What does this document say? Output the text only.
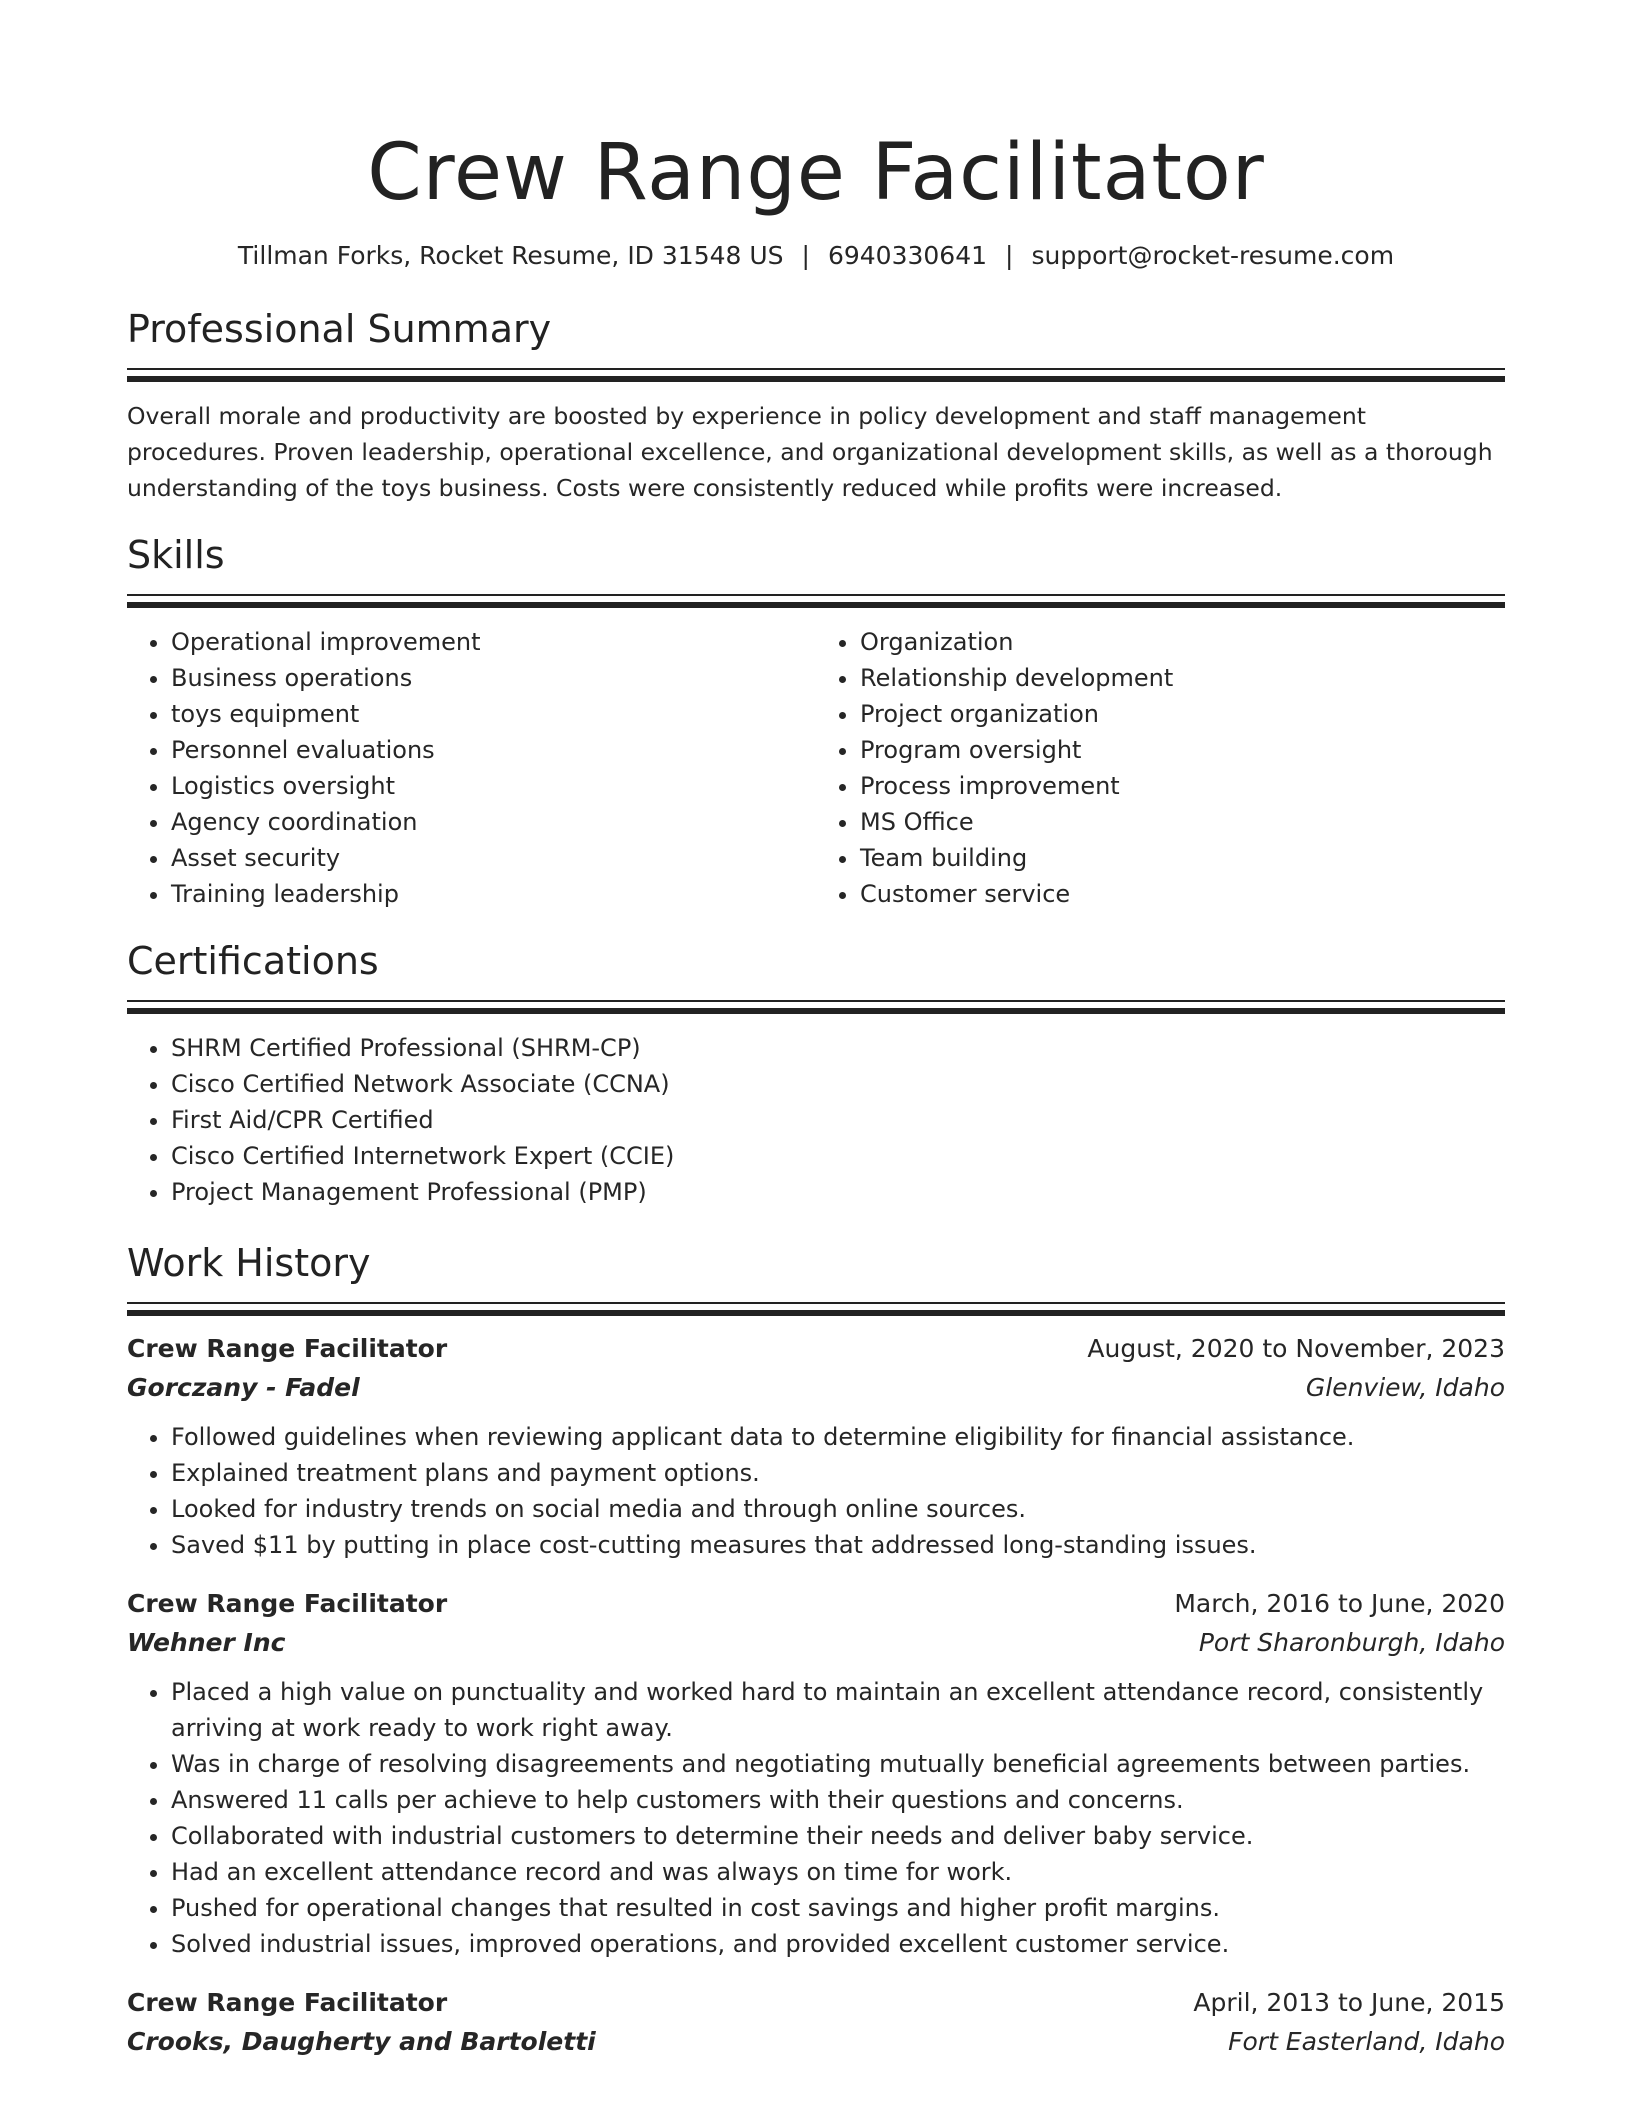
Crew Range Facilitator
Tillman Forks, Rocket Resume, ID 31548 US | 6940330641 | support@rocket-resume.com
Professional Summary

Overall morale and productivity are boosted by experience in policy development and staff management procedures. Proven leadership, operational excellence, and organizational development skills, as well as a thorough understanding of the toys business. Costs were consistently reduced while profits were increased.

Skills
• Operational improvement
• Business operations
• toys equipment
• Personnel evaluations
• Logistics oversight
• Agency coordination
• Asset security
• Training leadership
• Organization
• Relationship development
• Project organization
• Program oversight
• Process improvement
• MS Office
• Team building
• Customer service
Certifications
• SHRM Certified Professional (SHRM-CP)
• Cisco Certified Network Associate (CCNA)
• First Aid/CPR Certified
• Cisco Certified Internetwork Expert (CCIE)
• Project Management Professional (PMP)
Work History
Crew Range Facilitator	August, 2020 to November, 2023
Gorczany - Fadel	Glenview, Idaho
• Followed guidelines when reviewing applicant data to determine eligibility for financial assistance.
• Explained treatment plans and payment options.
• Looked for industry trends on social media and through online sources.
• Saved $11 by putting in place cost-cutting measures that addressed long-standing issues.
Crew Range Facilitator	March, 2016 to June, 2020
Wehner Inc	Port Sharonburgh, Idaho
• Placed a high value on punctuality and worked hard to maintain an excellent attendance record, consistently arriving at work ready to work right away.
• Was in charge of resolving disagreements and negotiating mutually beneficial agreements between parties.
• Answered 11 calls per achieve to help customers with their questions and concerns.
• Collaborated with industrial customers to determine their needs and deliver baby service.
• Had an excellent attendance record and was always on time for work.
• Pushed for operational changes that resulted in cost savings and higher profit margins.
• Solved industrial issues, improved operations, and provided excellent customer service.
Crew Range Facilitator	April, 2013 to June, 2015
Crooks, Daugherty and Bartoletti	Fort Easterland, Idaho
